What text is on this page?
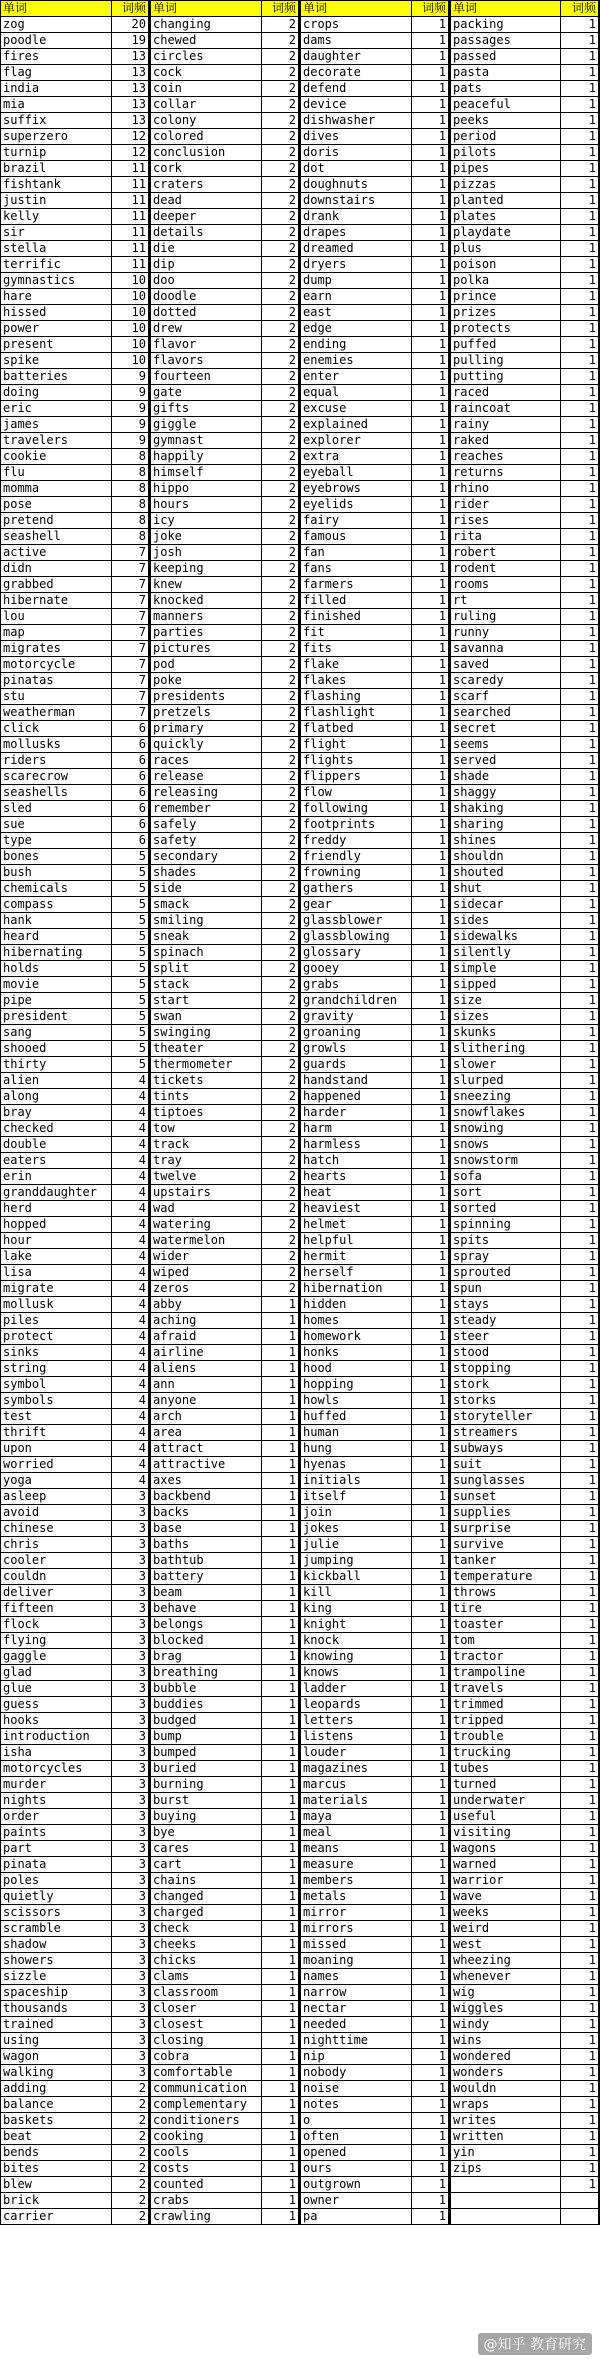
单词	词频
zog	20
poodle	19
fires	13
flag	13
india	13
mia	13
suffix	13
superzero	12
turnip	12
brazil	11
fishtank	11
justin	11
kelly	11
sir	11
stella	11
terrific	11
gymnastics	10
hare	10
hissed	10
power	10
present	10
spike	10
batteries	9
doing	9
eric	9
james	9
travelers	9
cookie	8
flu	8
momma	8
pose	8
pretend	8
seashell	8
active	7
didn	7
grabbed	7
hibernate	7
lou	7
map	7
migrates	7
motorcycle	7
pinatas	7
stu	7
weatherman	7
click	6
mollusks	6
riders	6
scarecrow	6
seashells	6
sled	6
sue	6
type	6
bones	5
bush	5
chemicals	5
compass	5
hank	5
heard	5
hibernating	5
holds	5
movie	5
pipe	5
president	5
sang	5
shooed	5
thirty	5
alien	4
along	4
bray	4
checked	4
double	4
eaters	4
erin	4
granddaughter	4
herd	4
hopped	4
hour	4
lake	4
lisa	4
migrate	4
mollusk	4
piles	4
protect	4
sinks	4
string	4
symbol	4
symbols	4
test	4
thrift	4
upon	4
worried	4
yoga	4
asleep	3
avoid	3
chinese	3
chris	3
cooler	3
couldn	3
deliver	3
fifteen	3
flock	3
flying	3
gaggle	3
glad	3
glue	3
guess	3
hooks	3
introduction	3
isha	3
motorcycles	3
murder	3
nights	3
order	3
paints	3
part	3
pinata	3
poles	3
quietly	3
scissors	3
scramble	3
shadow	3
showers	3
sizzle	3
spaceship	3
thousands	3
trained	3
using	3
wagon	3
walking	3
adding	2
balance	2
baskets	2
beat	2
bends	2
bites	2
blew	2
brick	2
carrier	2
单词	词频
changing	2
chewed	2
circles	2
cock	2
coin	2
collar	2
colony	2
colored	2
conclusion	2
cork	2
craters	2
dead	2
deeper	2
details	2
die	2
dip	2
doo	2
doodle	2
dotted	2
drew	2
flavor	2
flavors	2
fourteen	2
gate	2
gifts	2
giggle	2
gymnast	2
happily	2
himself	2
hippo	2
hours	2
icy	2
joke	2
josh	2
keeping	2
knew	2
knocked	2
manners	2
parties	2
pictures	2
pod	2
poke	2
presidents	2
pretzels	2
primary	2
quickly	2
races	2
release	2
releasing	2
remember	2
safely	2
safety	2
secondary	2
shades	2
side	2
smack	2
smiling	2
sneak	2
spinach	2
split	2
stack	2
start	2
swan	2
swinging	2
theater	2
thermometer	2
tickets	2
tints	2
tiptoes	2
tow	2
track	2
tray	2
twelve	2
upstairs	2
wad	2
watering	2
watermelon	2
wider	2
wiped	2
zeros	2
abby	1
aching	1
afraid	1
airline	1
aliens	1
ann	1
anyone	1
arch	1
area	1
attract	1
attractive	1
axes	1
backbend	1
backs	1
base	1
baths	1
bathtub	1
battery	1
beam	1
behave	1
belongs	1
blocked	1
brag	1
breathing	1
bubble	1
buddies	1
budged	1
bump	1
bumped	1
buried	1
burning	1
burst	1
buying	1
bye	1
cares	1
cart	1
chains	1
changed	1
charged	1
check	1
cheeks	1
chicks	1
clams	1
classroom	1
closer	1
closest	1
closing	1
cobra	1
comfortable	1
communication	1
complementary	1
conditioners	1
cooking	1
cools	1
costs	1
counted	1
crabs	1
crawling	1
单词	词频
crops	1
dams	1
daughter	1
decorate	1
defend	1
device	1
dishwasher	1
dives	1
doris	1
dot	1
doughnuts	1
downstairs	1
drank	1
drapes	1
dreamed	1
dryers	1
dump	1
earn	1
east	1
edge	1
ending	1
enemies	1
enter	1
equal	1
excuse	1
explained	1
explorer	1
extra	1
eyeball	1
eyebrows	1
eyelids	1
fairy	1
famous	1
fan	1
fans	1
farmers	1
filled	1
finished	1
fit	1
fits	1
flake	1
flakes	1
flashing	1
flashlight	1
flatbed	1
flight	1
flights	1
flippers	1
flow	1
following	1
footprints	1
freddy	1
friendly	1
frowning	1
gathers	1
gear	1
glassblower	1
glassblowing	1
glossary	1
gooey	1
grabs	1
grandchildren	1
gravity	1
groaning	1
growls	1
guards	1
handstand	1
happened	1
harder	1
harm	1
harmless	1
hatch	1
hearts	1
heat	1
heaviest	1
helmet	1
helpful	1
hermit	1
herself	1
hibernation	1
hidden	1
homes	1
homework	1
honks	1
hood	1
hopping	1
howls	1
huffed	1
human	1
hung	1
hyenas	1
initials	1
itself	1
join	1
jokes	1
julie	1
jumping	1
kickball	1
kill	1
king	1
knight	1
knock	1
knowing	1
knows	1
ladder	1
leopards	1
letters	1
listens	1
louder	1
magazines	1
marcus	1
materials	1
maya	1
meal	1
means	1
measure	1
members	1
metals	1
mirror	1
mirrors	1
missed	1
moaning	1
names	1
narrow	1
nectar	1
needed	1
nighttime	1
nip	1
nobody	1
noise	1
notes	1
o	1
often	1
opened	1
ours	1
outgrown	1
owner	1
pa	1
单词	词频
packing	1
passages	1
passed	1
pasta	1
pats	1
peaceful	1
peeks	1
period	1
pilots	1
pipes	1
pizzas	1
planted	1
plates	1
playdate	1
plus	1
poison	1
polka	1
prince	1
prizes	1
protects	1
puffed	1
pulling	1
putting	1
raced	1
raincoat	1
rainy	1
raked	1
reaches	1
returns	1
rhino	1
rider	1
rises	1
rita	1
robert	1
rodent	1
rooms	1
rt	1
ruling	1
runny	1
savanna	1
saved	1
scaredy	1
scarf	1
searched	1
secret	1
seems	1
served	1
shade	1
shaggy	1
shaking	1
sharing	1
shines	1
shouldn	1
shouted	1
shut	1
sidecar	1
sides	1
sidewalks	1
silently	1
simple	1
sipped	1
size	1
sizes	1
skunks	1
slithering	1
slower	1
slurped	1
sneezing	1
snowflakes	1
snowing	1
snows	1
snowstorm	1
sofa	1
sort	1
sorted	1
spinning	1
spits	1
spray	1
sprouted	1
spun	1
stays	1
steady	1
steer	1
stood	1
stopping	1
stork	1
storks	1
storyteller	1
streamers	1
subways	1
suit	1
sunglasses	1
sunset	1
supplies	1
surprise	1
survive	1
tanker	1
temperature	1
throws	1
tire	1
toaster	1
tom	1
tractor	1
trampoline	1
travels	1
trimmed	1
tripped	1
trouble	1
trucking	1
tubes	1
turned	1
underwater	1
useful	1
visiting	1
wagons	1
warned	1
warrior	1
wave	1
weeks	1
weird	1
west	1
wheezing	1
whenever	1
wig	1
wiggles	1
windy	1
wins	1
wondered	1
wonders	1
wouldn	1
wraps	1
writes	1
written	1
yin	1
zips	1
	1

@知乎 教育研究
